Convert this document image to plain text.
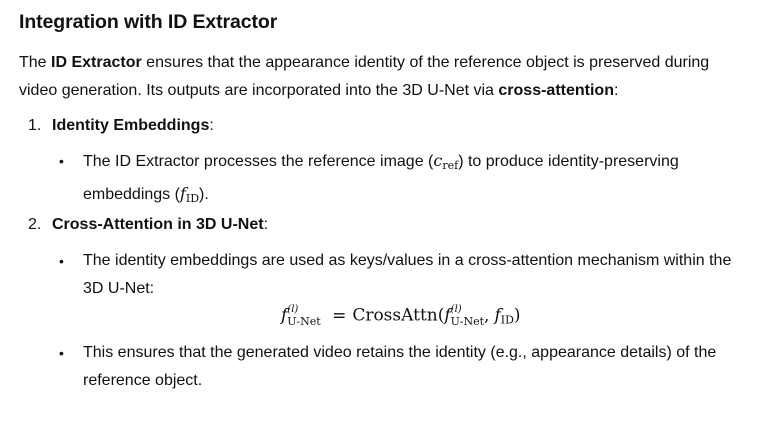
Integration with ID Extractor
The ID Extractor ensures that the appearance identity of the reference object is preserved during video generation. Its outputs are incorporated into the 3D U-Net via cross-attention:
1. Identity Embeddings:
•	The ID Extractor processes the reference image $(c_{ref})$ to produce identity-preserving embeddings $(f_{ID})$.
2. Cross-Attention in 3D U-Net:
•	The identity embeddings are used as keys/values in a cross-attention mechanism within the 3D U-Net:
f (l)
U-Net = CrossAttn(f (l)
U-Net , $f_{ID}$)
•	This ensures that the generated video retains the identity (e.g., appearance details) of the reference object.
